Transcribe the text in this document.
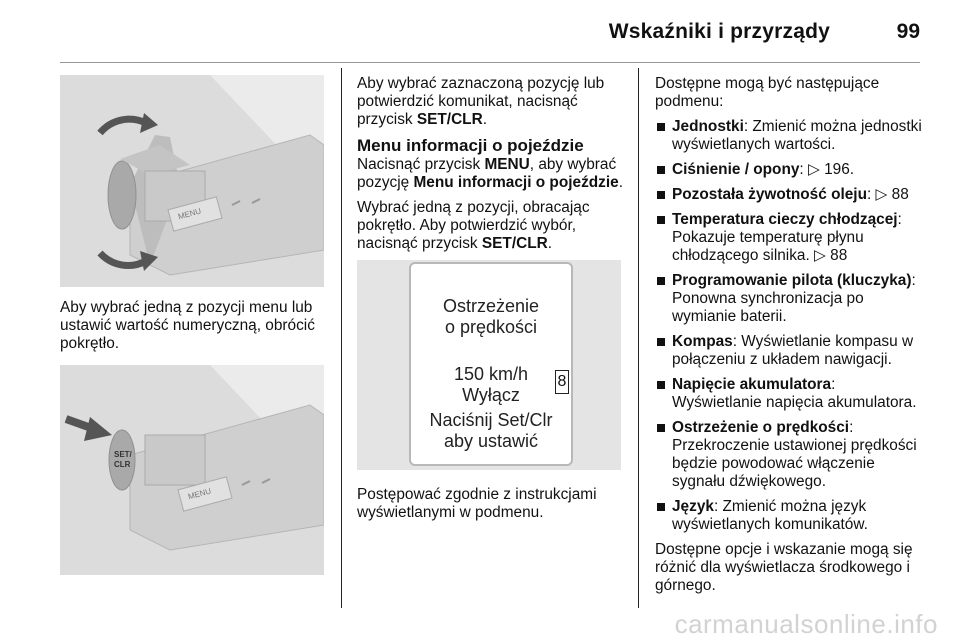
Wskaźniki i przyrządy	99
MENU

Aby wybrać jedną z pozycji menu lub ustawić wartość numeryczną, obrócić pokrętło.

SET/
CLR
MENU

Aby wybrać zaznaczoną pozycję lub potwierdzić komunikat, nacisnąć przycisk SET/CLR.

Menu informacji o pojeździe

Nacisnąć przycisk MENU, aby wybrać pozycję Menu informacji o pojeździe.

Wybrać jedną z pozycji, obracając pokrętło. Aby potwierdzić wybór, nacisnąć przycisk SET/CLR.

Ostrzeżenie
o prędkości
150 km/h
Wyłącz
Naciśnij Set/Clr
aby ustawić
8

Postępować zgodnie z instrukcjami wyświetlanymi w podmenu.

Dostępne mogą być następujące podmenu:

Jednostki: Zmienić można jednostki wyświetlanych wartości.
Ciśnienie / opony: ▷ 196.
Pozostała żywotność oleju: ▷ 88
Temperatura cieczy chłodzącej: Pokazuje temperaturę płynu chłodzącego silnika. ▷ 88
Programowanie pilota (kluczyka): Ponowna synchronizacja po wymianie baterii.
Kompas: Wyświetlanie kompasu w połączeniu z układem nawigacji.
Napięcie akumulatora: Wyświetlanie napięcia akumulatora.
Ostrzeżenie o prędkości: Przekroczenie ustawionej prędkości będzie powodować włączenie sygnału dźwiękowego.
Język: Zmienić można język wyświetlanych komunikatów.

Dostępne opcje i wskazanie mogą się różnić dla wyświetlacza środkowego i górnego.

carmanualsonline.info
